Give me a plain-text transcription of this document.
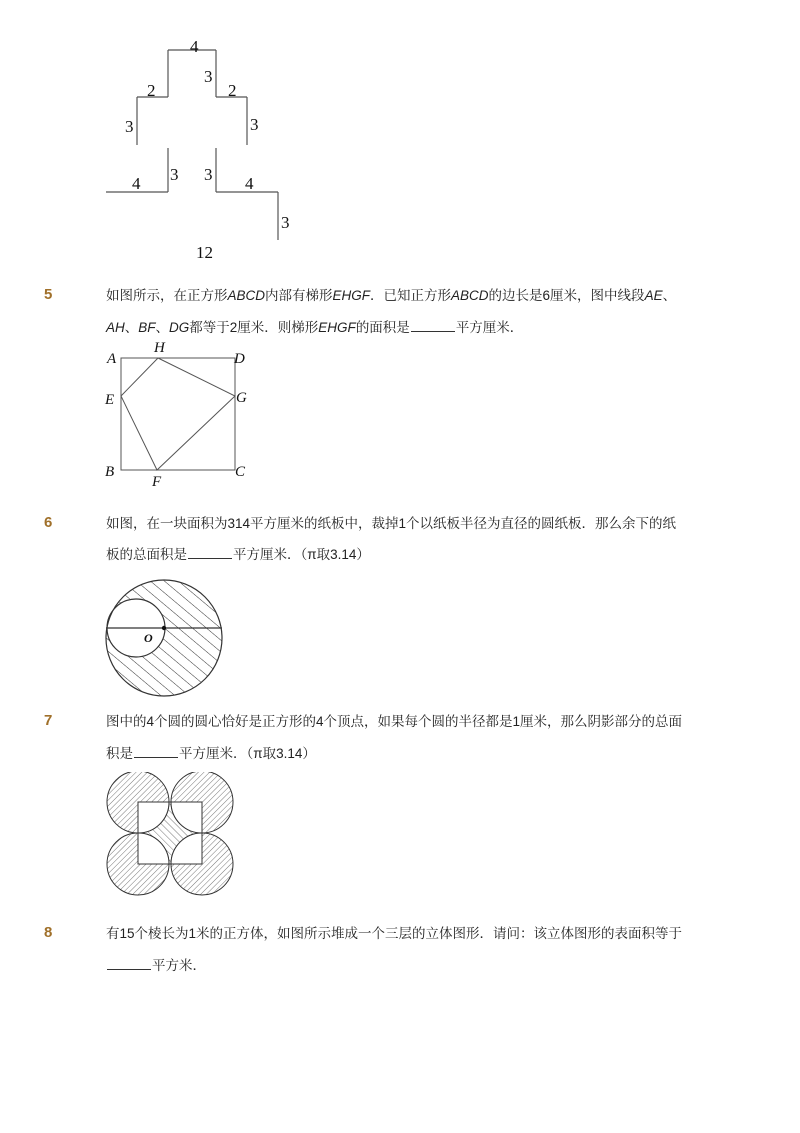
4
3
2	2
3	3
4 3 3 4
3
12
5	如图所示，在正方形ABCD内部有梯形EHGF．已知正方形ABCD的边长是6厘米，图中线段AE、
AH、BF、DG都等于2厘米．则梯形EHGF的面积是	平方厘米．
A
H
D
E	G
B
F
C
6	如图，在一块面积为314平方厘米的纸板中，裁掉1个以纸板半径为直径的圆纸板．那么余下的纸
板的总面积是	平方厘米．（π取3.14）
O
7	图中的4个圆的圆心恰好是正方形的4个顶点，如果每个圆的半径都是1厘米，那么阴影部分的总面
积是	平方厘米．（π取3.14）
8	有15个棱长为1米的正方体，如图所示堆成一个三层的立体图形．请问：该立体图形的表面积等于
平方米．
